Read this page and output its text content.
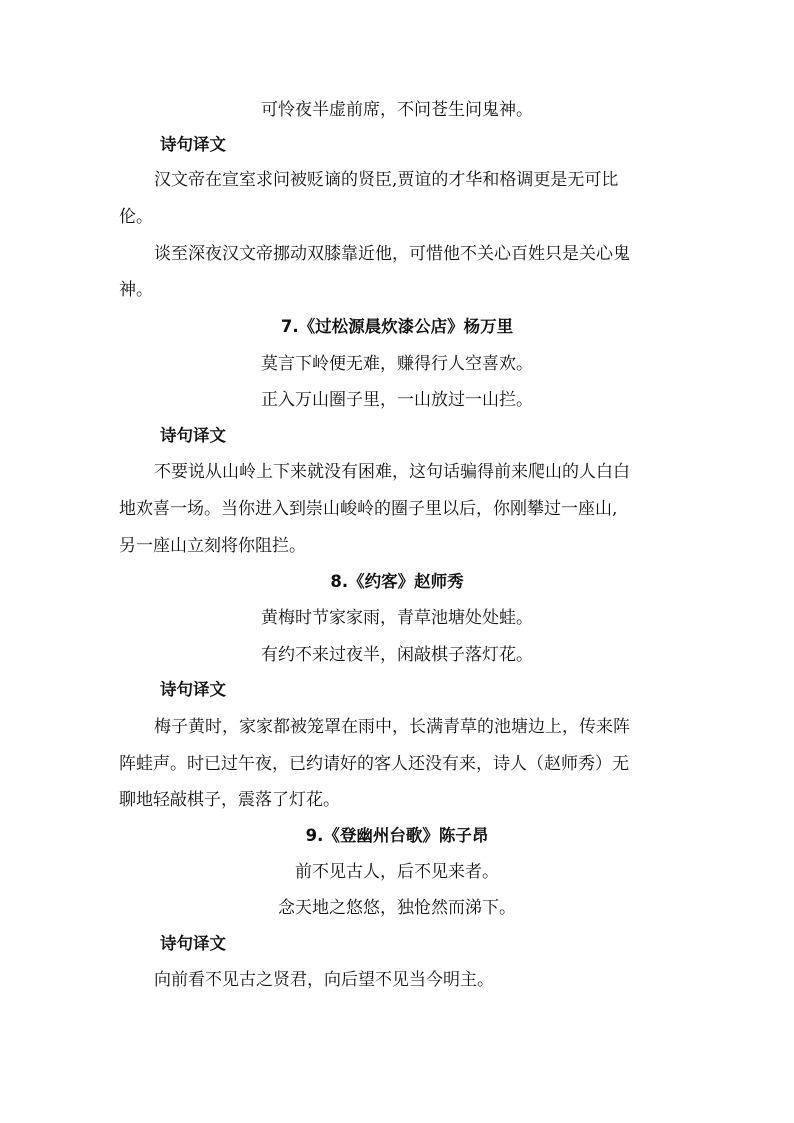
可怜夜半虚前席，不问苍生问鬼神。
诗句译文
汉文帝在宣室求问被贬谪的贤臣,贾谊的才华和格调更是无可比
伦。
谈至深夜汉文帝挪动双膝靠近他，可惜他不关心百姓只是关心鬼
神。
7.《过松源晨炊漆公店》杨万里
莫言下岭便无难，赚得行人空喜欢。
正入万山圈子里，一山放过一山拦。
诗句译文
不要说从山岭上下来就没有困难，这句话骗得前来爬山的人白白
地欢喜一场。当你进入到崇山峻岭的圈子里以后，你刚攀过一座山,
另一座山立刻将你阻拦。
8.《约客》赵师秀
黄梅时节家家雨，青草池塘处处蛙。
有约不来过夜半，闲敲棋子落灯花。
诗句译文
梅子黄时，家家都被笼罩在雨中，长满青草的池塘边上，传来阵
阵蛙声。时已过午夜，已约请好的客人还没有来，诗人（赵师秀）无
聊地轻敲棋子，震落了灯花。
9.《登幽州台歌》陈子昂
前不见古人，后不见来者。
念天地之悠悠，独怆然而涕下。
诗句译文
向前看不见古之贤君，向后望不见当今明主。
